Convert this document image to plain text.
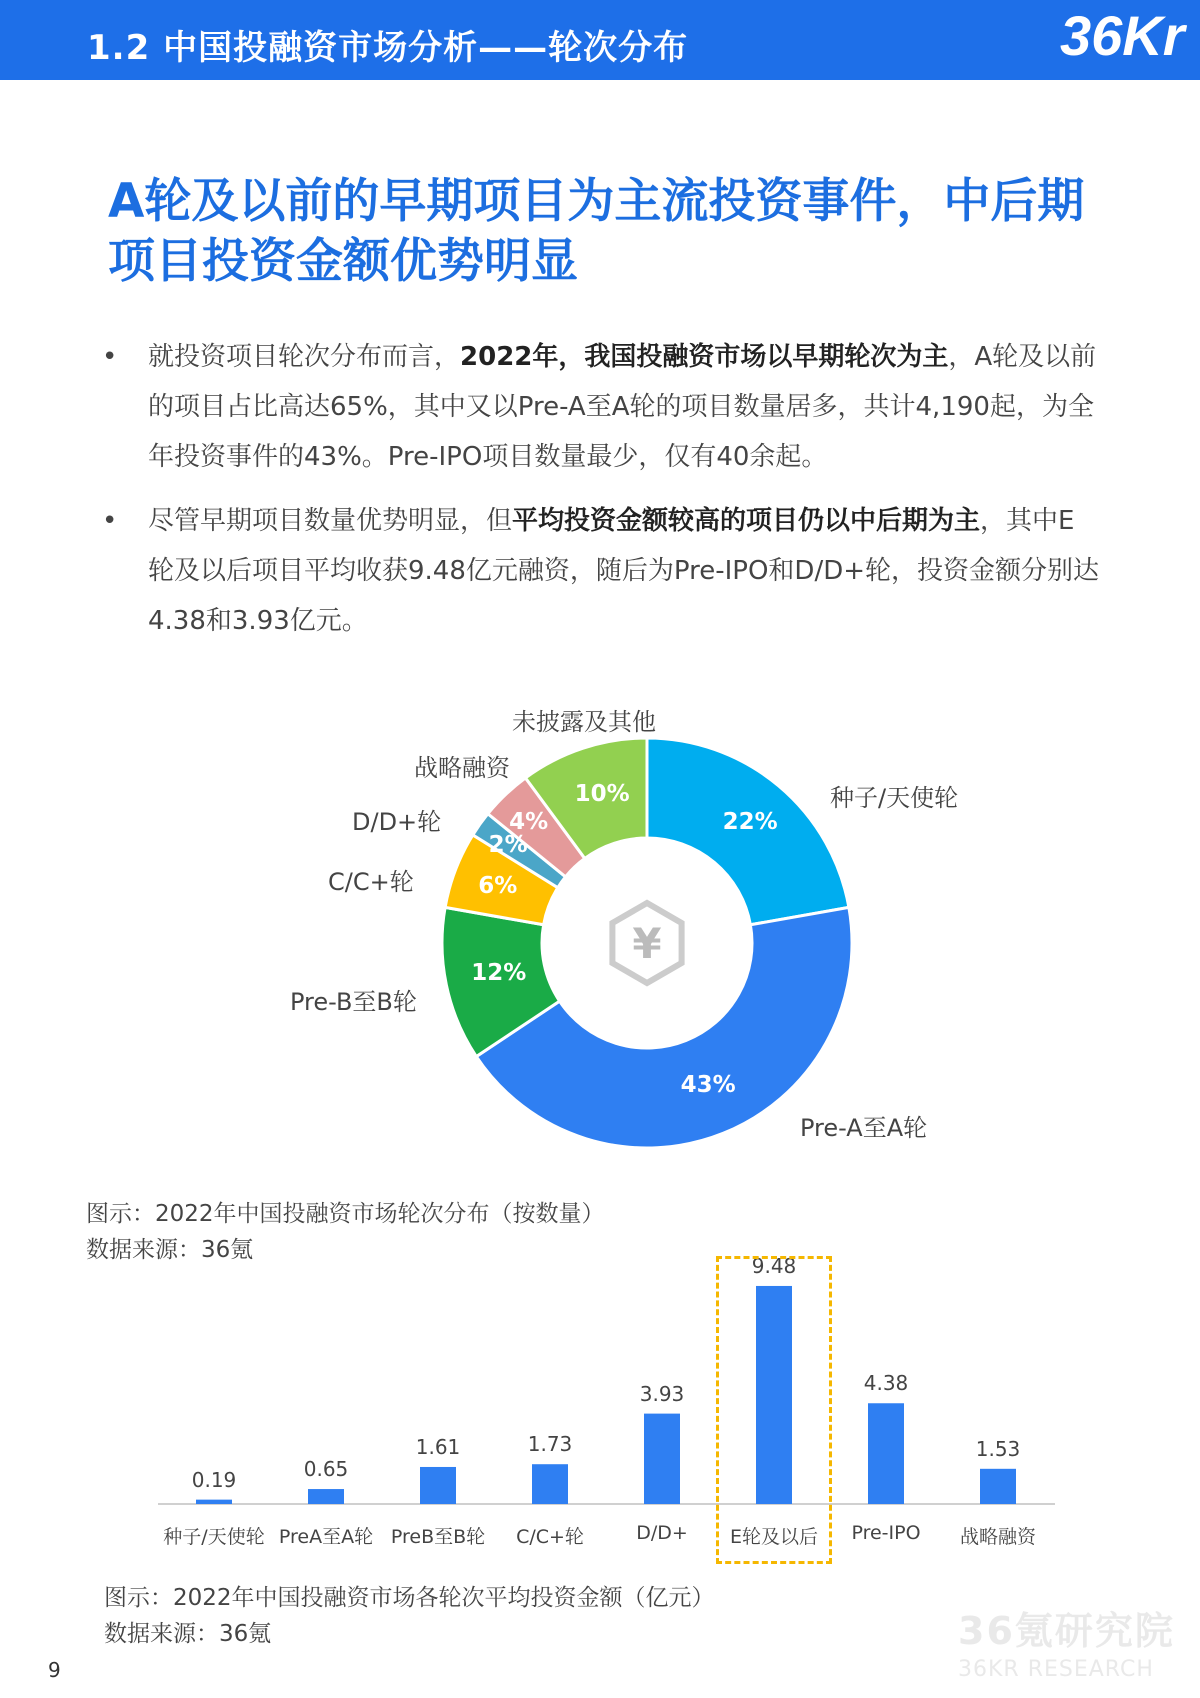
1.2 中国投融资市场分析——轮次分布	36Kr
A轮及以前的早期项目为主流投资事件，中后期项目投资金额优势明显
• 就投资项目轮次分布而言，2022年，我国投融资市场以早期轮次为主，A轮及以前的项目占比高达65%，其中又以Pre-A至A轮的项目数量居多，共计4,190起，为全年投资事件的43%。Pre-IPO项目数量最少，仅有40余起。
• 尽管早期项目数量优势明显，但平均投资金额较高的项目仍以中后期为主，其中E轮及以后项目平均收获9.48亿元融资，随后为Pre-IPO和D/D+轮，投资金额分别达4.38和3.93亿元。
¥
22%
种子/天使轮
43%
Pre-A至A轮
12%
Pre-B至B轮
6%
C/C+轮
2%
D/D+轮	4%
战略融资
10%
未披露及其他
图示：2022年中国投融资市场轮次分布（按数量）
数据来源：36氪
0.19
种子/天使轮
0.65
PreA至A轮
1.61
PreB至B轮
1.73
C/C+轮
3.93
D/D+
9.48
E轮及以后
4.38
Pre-IPO
1.53
战略融资
图示：2022年中国投融资市场各轮次平均投资金额（亿元）
数据来源：36氪	36氪研究院
36KR RESEARCH
9
